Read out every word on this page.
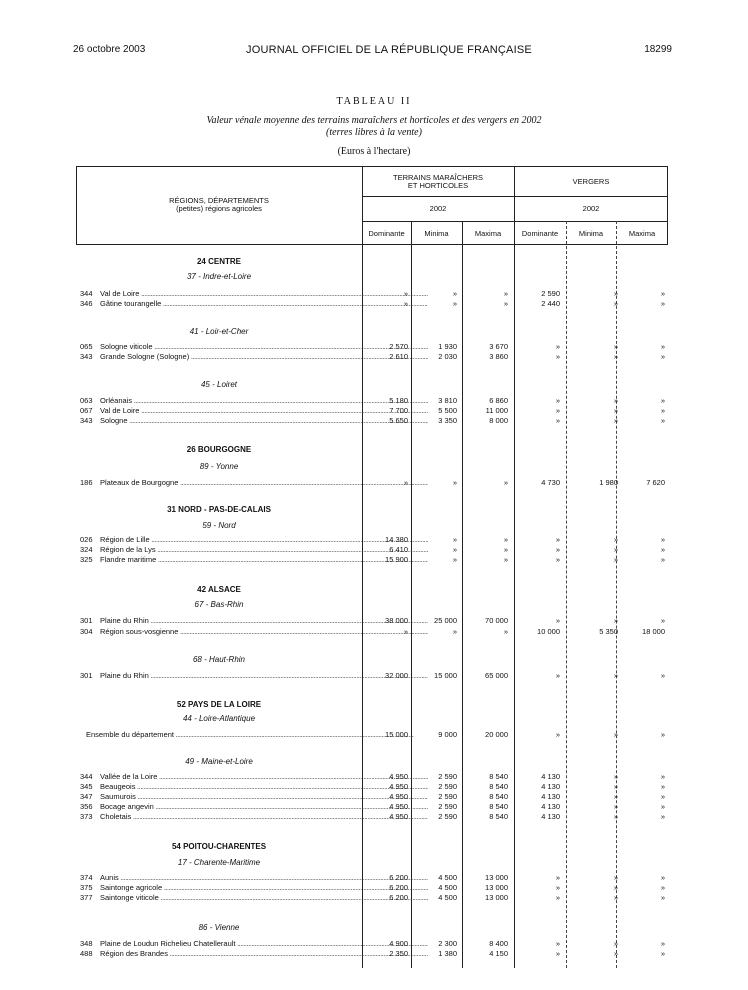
26 octobre 2003	JOURNAL OFFICIEL DE LA RÉPUBLIQUE FRANÇAISE	18299
TABLEAU II
Valeur vénale moyenne des terrains maraîchers et horticoles et des vergers en 2002
(terres libres à la vente)
(Euros à l'hectare)
RÉGIONS, DÉPARTEMENTS
(petites) régions agricoles
TERRAINS MARAÎCHERS
ET HORTICOLES	VERGERS
2002	2002
Dominante	Minima	Maxima	Dominante	Minima	Maxima
24 CENTRE
37 - Indre-et-Loire
344 Val de Loire .....	»	»	»	2 590	»	»
346 Gâtine tourangelle .....	»	»	»	2 440	»	»
41 - Loir-et-Cher
065 Sologne viticole .....	2 570	1 930	3 670	»	»	»
343 Grande Sologne (Sologne) .....	2 610	2 030	3 860	»	»	»
45 - Loiret
063 Orléanais .....	5 180	3 810	6 860	»	»	»
067 Val de Loire .....	7 700	5 500	11 000	»	»	»
343 Sologne .....	5 650	3 350	8 000	»	»	»
26 BOURGOGNE
89 - Yonne
186 Plateaux de Bourgogne .....	»	»	»	4 730	1 980	7 620
31 NORD - PAS-DE-CALAIS
59 - Nord
026 Région de Lille .....	14 380	»	»	»	»	»
324 Région de la Lys .....	6 410	»	»	»	»	»
325 Flandre maritime .....	15 900	»	»	»	»	»
42 ALSACE
67 - Bas-Rhin
301 Plaine du Rhin .....	38 000	25 000	70 000	»	»	»
304 Région sous-vosgienne .....	»	»	»	10 000	5 350	18 000
68 - Haut-Rhin
301 Plaine du Rhin .....	32 000	15 000	65 000	»	»	»
52 PAYS DE LA LOIRE
44 - Loire-Atlantique
Ensemble du département .....	15 000	9 000	20 000	»	»	»
49 - Maine-et-Loire
344 Vallée de la Loire .....	4 950	2 590	8 540	4 130	»	»
345 Beaugeois .....	4 950	2 590	8 540	4 130	»	»
347 Saumurois .....	4 950	2 590	8 540	4 130	»	»
356 Bocage angevin .....	4 950	2 590	8 540	4 130	»	»
373 Choletais .....	4 950	2 590	8 540	4 130	»	»
54 POITOU-CHARENTES
17 - Charente-Maritime
374 Aunis .....	6 200	4 500	13 000	»	»	»
375 Saintonge agricole .....	6 200	4 500	13 000	»	»	»
377 Saintonge viticole .....	6 200	4 500	13 000	»	»	»
86 - Vienne
348 Plaine de Loudun Richelieu Chatellerault .....	4 900	2 300	8 400	»	»	»
488 Région des Brandes .....	2 350	1 380	4 150	»	»	»
